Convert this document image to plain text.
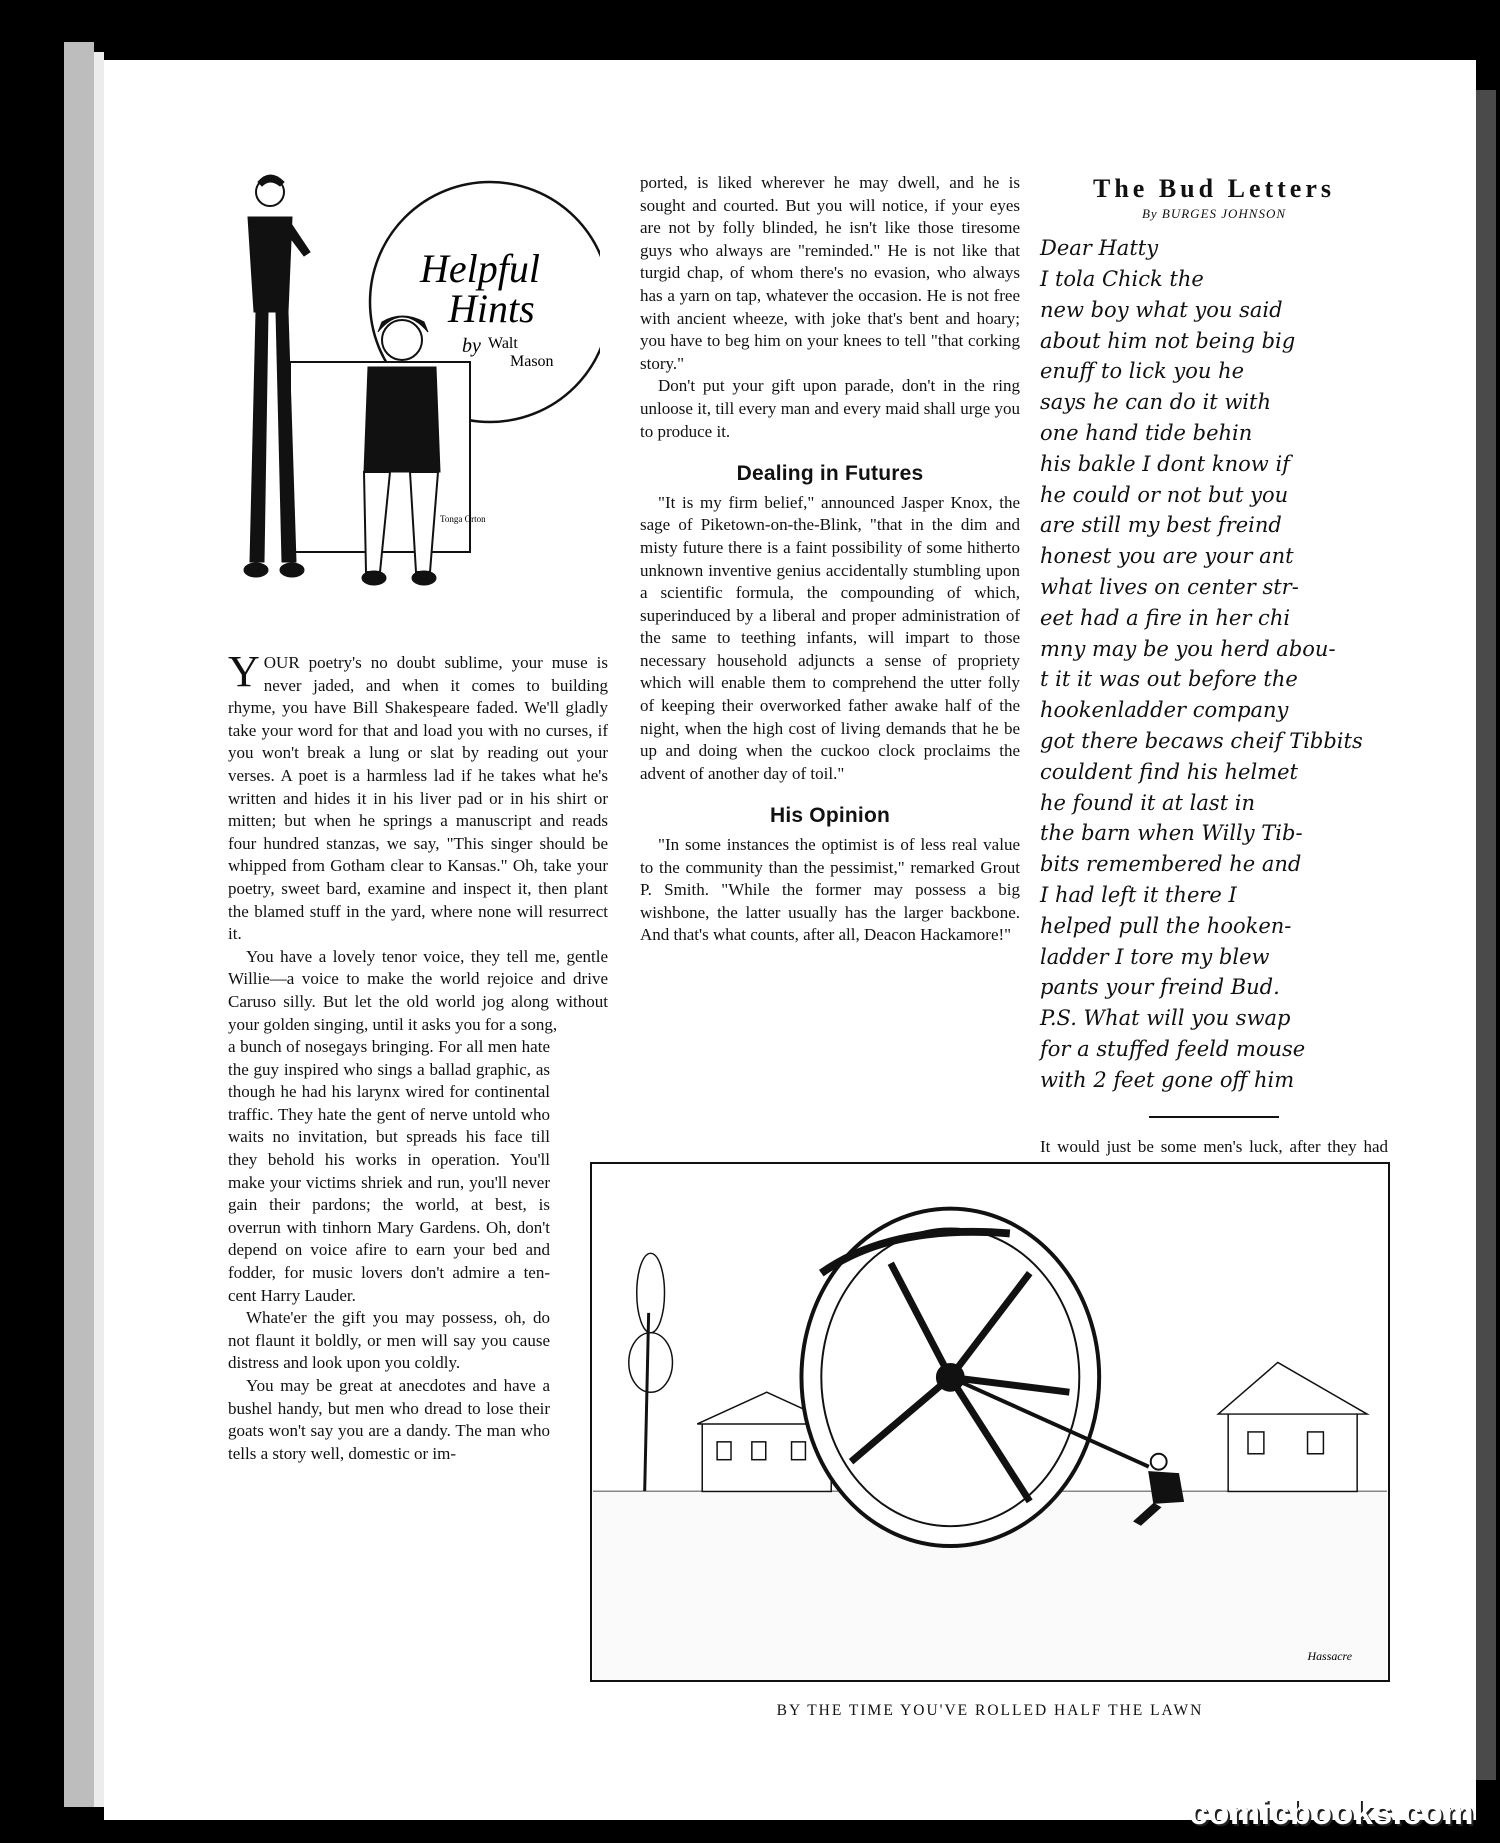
Helpful
Hints
by Walt
Mason
Tonga Orton

YOUR poetry's no doubt sublime, your muse is never jaded, and when it comes to building rhyme, you have Bill Shakespeare faded. We'll gladly take your word for that and load you with no curses, if you won't break a lung or slat by reading out your verses. A poet is a harmless lad if he takes what he's written and hides it in his liver pad or in his shirt or mitten; but when he springs a manuscript and reads four hundred stanzas, we say, "This singer should be whipped from Gotham clear to Kansas." Oh, take your poetry, sweet bard, examine and inspect it, then plant the blamed stuff in the yard, where none will resurrect it.

You have a lovely tenor voice, they tell me, gentle Willie—a voice to make the world rejoice and drive Caruso silly. But let the old world jog along without your golden singing, until it asks you for a song,

a bunch of nosegays bringing. For all men hate the guy inspired who sings a ballad graphic, as though he had his larynx wired for continental traffic. They hate the gent of nerve untold who waits no invitation, but spreads his face till they behold his works in operation. You'll make your victims shriek and run, you'll never gain their pardons; the world, at best, is overrun with tinhorn Mary Gardens. Oh, don't depend on voice afire to earn your bed and fodder, for music lovers don't admire a ten-cent Harry Lauder.

Whate'er the gift you may possess, oh, do not flaunt it boldly, or men will say you cause distress and look upon you coldly.

You may be great at anecdotes and have a bushel handy, but men who dread to lose their goats won't say you are a dandy. The man who tells a story well, domestic or im-

ported, is liked wherever he may dwell, and he is sought and courted. But you will notice, if your eyes are not by folly blinded, he isn't like those tiresome guys who always are "reminded." He is not like that turgid chap, of whom there's no evasion, who always has a yarn on tap, whatever the occasion. He is not free with ancient wheeze, with joke that's bent and hoary; you have to beg him on your knees to tell "that corking story."

Don't put your gift upon parade, don't in the ring unloose it, till every man and every maid shall urge you to produce it.

Dealing in Futures

"It is my firm belief," announced Jasper Knox, the sage of Piketown-on-the-Blink, "that in the dim and misty future there is a faint possibility of some hitherto unknown inventive genius accidentally stumbling upon a scientific formula, the compounding of which, superinduced by a liberal and proper administration of the same to teething infants, will impart to those necessary household adjuncts a sense of propriety which will enable them to comprehend the utter folly of keeping their overworked father awake half of the night, when the high cost of living demands that he be up and doing when the cuckoo clock proclaims the advent of another day of toil."

His Opinion

"In some instances the optimist is of less real value to the community than the pessimist," remarked Grout P. Smith. "While the former may possess a big wishbone, the latter usually has the larger backbone. And that's what counts, after all, Deacon Hackamore!"

The Bud Letters
By BURGES JOHNSON
Dear Hatty
I tola Chick the
new boy what you said
about him not being big
enuff to lick you he
says he can do it with
one hand tide behin
his bakle I dont know if
he could or not but you
are still my best freind
honest you are your ant
what lives on center str-
eet had a fire in her chi
mny may be you herd abou-
t it it was out before the
hookenladder company
got there becaws cheif Tibbits
couldent find his helmet
he found it at last in
the barn when Willy Tib-
bits remembered he and
I had left it there I
helped pull the hooken-
ladder I tore my blew
pants your freind Bud.
P.S. What will you swap
for a stuffed feeld mouse
with 2 feet gone off him

It would just be some men's luck, after they had

Hassacre
BY THE TIME YOU'VE ROLLED HALF THE LAWN
comicbooks.com
